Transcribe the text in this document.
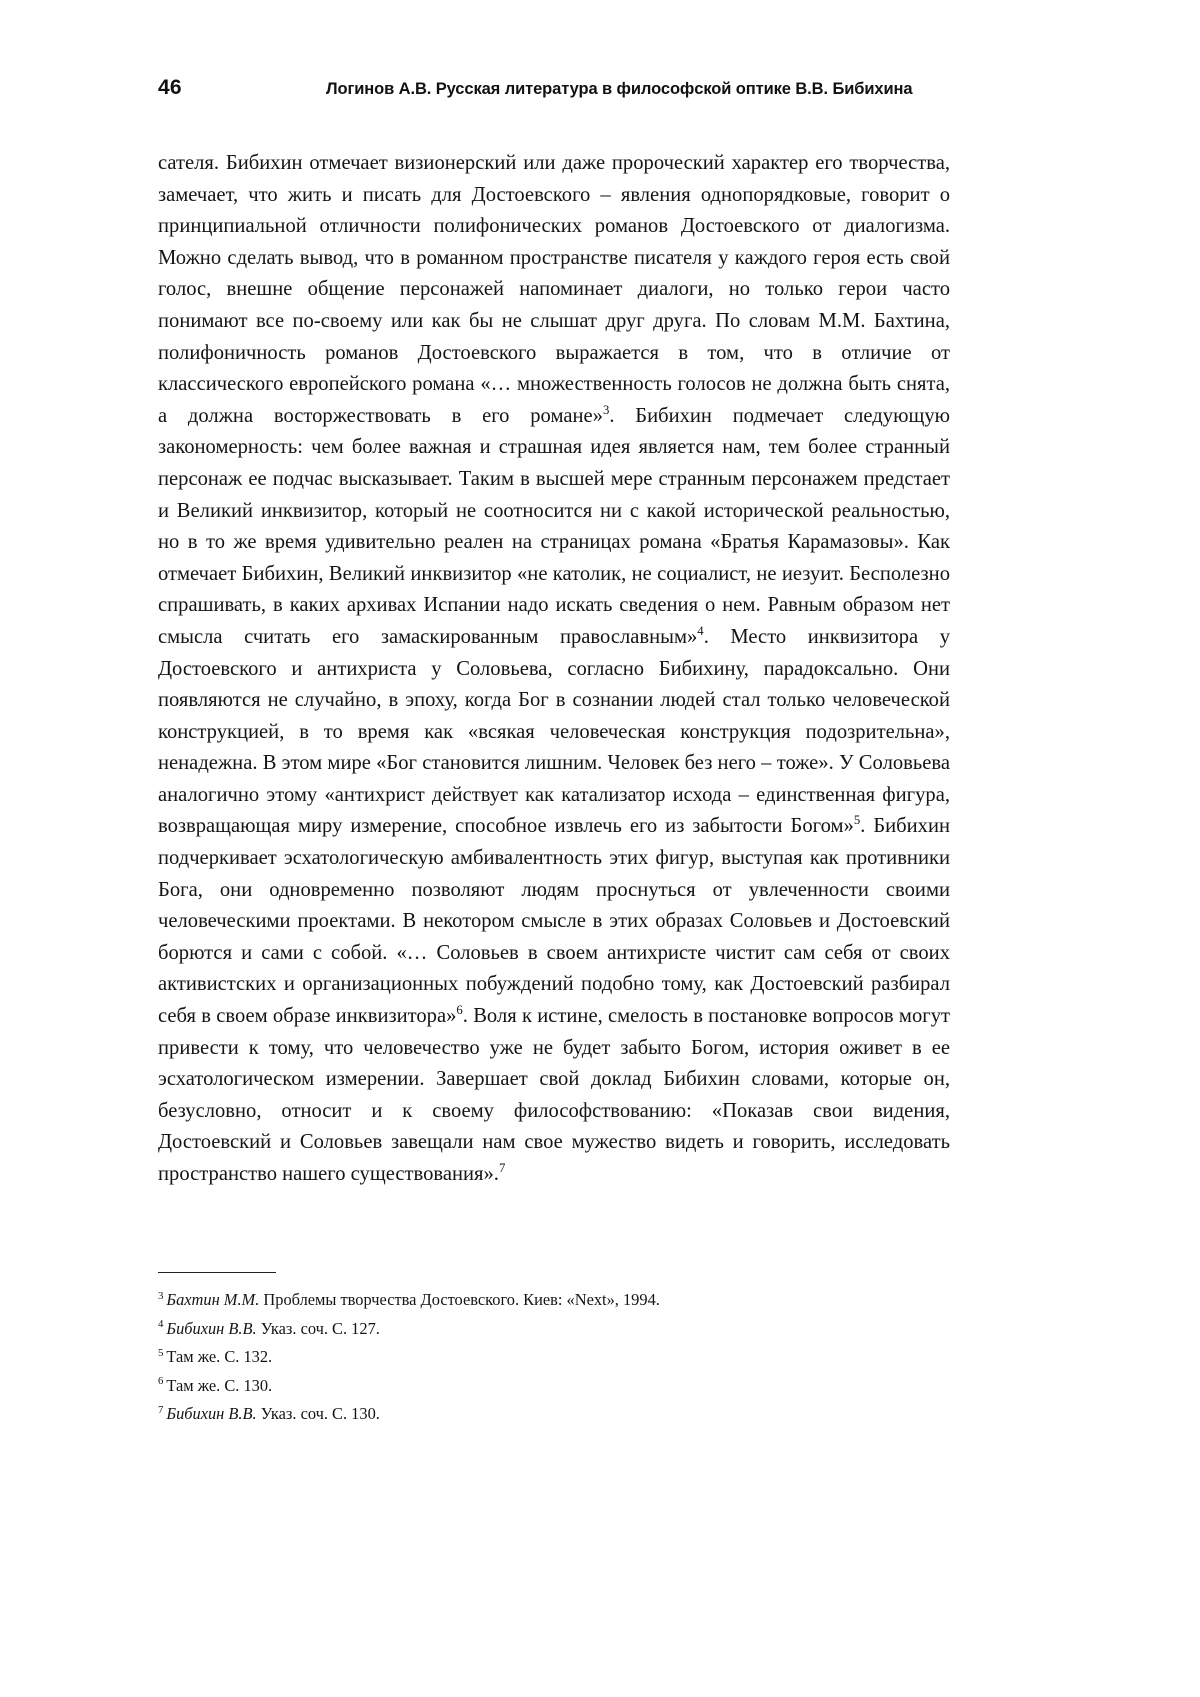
46	Логинов А.В. Русская литература в философской оптике В.В. Бибихина

сателя. Бибихин отмечает визионерский или даже пророческий характер его творчества, замечает, что жить и писать для Достоевского – явления однопорядковые, говорит о принципиальной отличности полифонических романов Достоевского от диалогизма. Можно сделать вывод, что в романном пространстве писателя у каждого героя есть свой голос, внешне общение персонажей напоминает диалоги, но только герои часто понимают все по-своему или как бы не слышат друг друга. По словам М.М. Бахтина, полифоничность романов Достоевского выражается в том, что в отличие от классического европейского романа «… множественность голосов не должна быть снята, а должна восторжествовать в его романе»$^3$. Бибихин подмечает следующую закономерность: чем более важная и страшная идея является нам, тем более странный персонаж ее подчас высказывает. Таким в высшей мере странным персонажем предстает и Великий инквизитор, который не соотносится ни с какой исторической реальностью, но в то же время удивительно реален на страницах романа «Братья Карамазовы». Как отмечает Бибихин, Великий инквизитор «не католик, не социалист, не иезуит. Бесполезно спрашивать, в каких архивах Испании надо искать сведения о нем. Равным образом нет смысла считать его замаскированным православным»$^4$. Место инквизитора у Достоевского и антихриста у Соловьева, согласно Бибихину, парадоксально. Они появляются не случайно, в эпоху, когда Бог в сознании людей стал только человеческой конструкцией, в то время как «всякая человеческая конструкция подозрительна», ненадежна. В этом мире «Бог становится лишним. Человек без него – тоже». У Соловьева аналогично этому «антихрист действует как катализатор исхода – единственная фигура, возвращающая миру измерение, способное извлечь его из забытости Богом»$^5$. Бибихин подчеркивает эсхатологическую амбивалентность этих фигур, выступая как противники Бога, они одновременно позволяют людям проснуться от увлеченности своими человеческими проектами. В некотором смысле в этих образах Соловьев и Достоевский борются и сами с собой. «… Соловьев в своем антихристе чистит сам себя от своих активистских и организационных побуждений подобно тому, как Достоевский разбирал себя в своем образе инквизитора»$^6$. Воля к истине, смелость в постановке вопросов могут привести к тому, что человечество уже не будет забыто Богом, история оживет в ее эсхатологическом измерении. Завершает свой доклад Бибихин словами, которые он, безусловно, относит и к своему философствованию: «Показав свои видения, Достоевский и Соловьев завещали нам свое мужество видеть и говорить, исследовать пространство нашего существования».$^7$

$^3$ Бахтин М.М. Проблемы творчества Достоевского. Киев: «Next», 1994.

$^4$ Бибихин В.В. Указ. соч. С. 127.

$^5$ Там же. С. 132.

$^6$ Там же. С. 130.

$^7$ Бибихин В.В. Указ. соч. С. 130.
